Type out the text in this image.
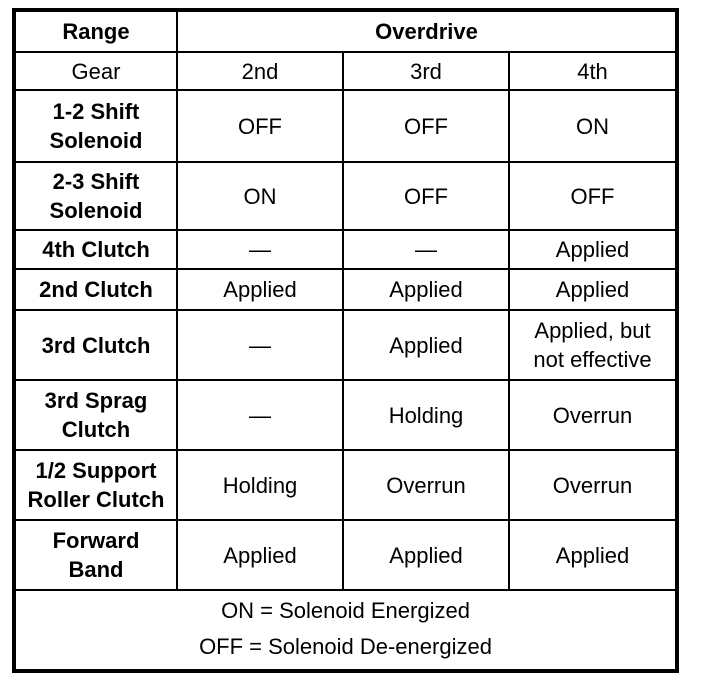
Range	Overdrive		
Gear	2nd	3rd	4th

1-2 Shift
Solenoid	OFF	OFF	ON

2-3 Shift
Solenoid	ON	OFF	OFF

4th Clutch	—	—	Applied

2nd Clutch	Applied	Applied	Applied

3rd Clutch	—	Applied	Applied, but
not effective

3rd Sprag
Clutch	—	Holding	Overrun

1/2 Support
Roller Clutch	Holding	Overrun	Overrun

Forward
Band	Applied	Applied	Applied

ON = Solenoid Energized
OFF = Solenoid De-energized			
